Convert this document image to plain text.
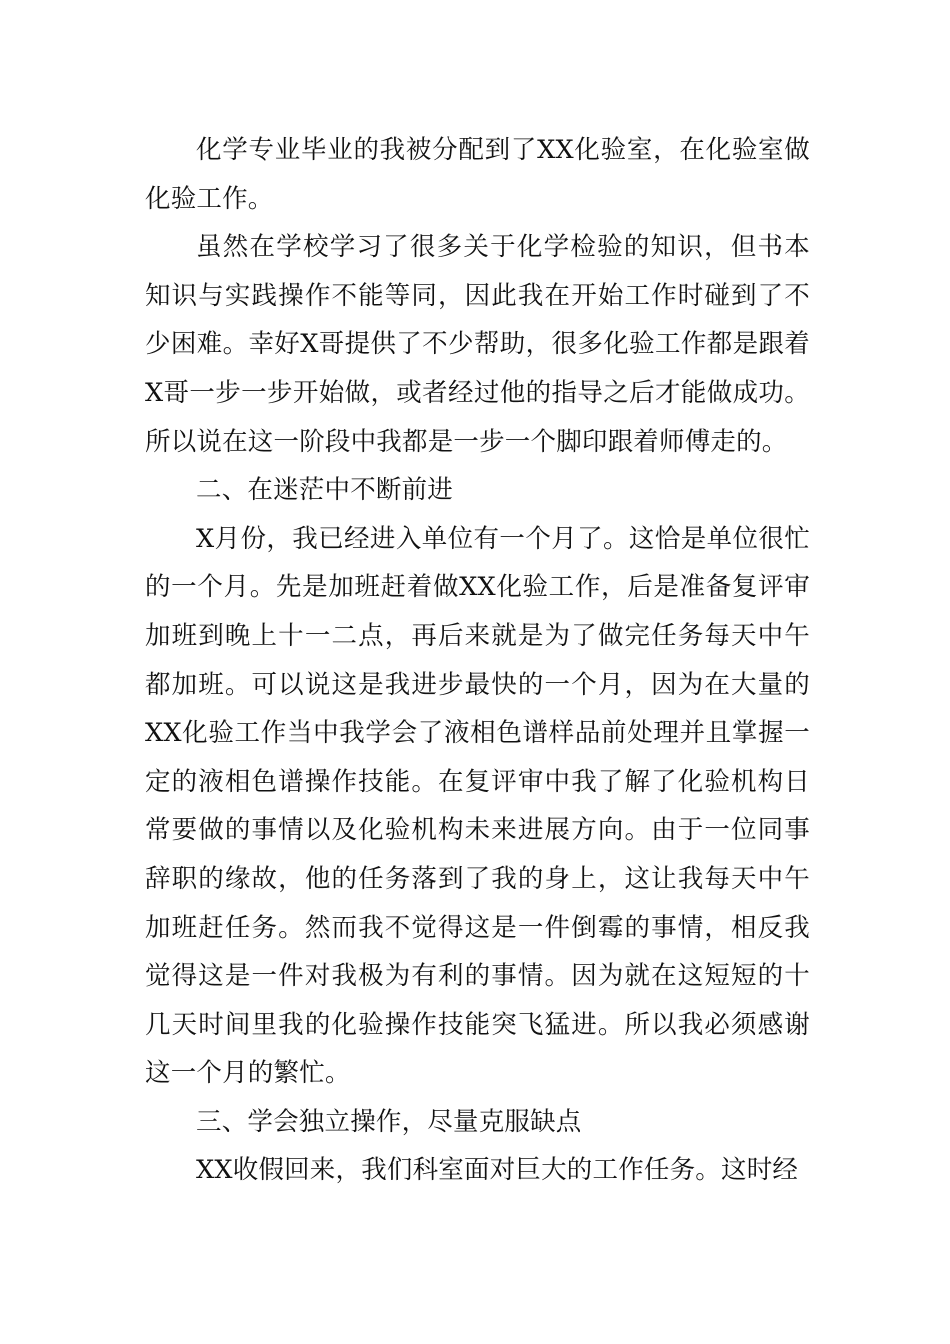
化学专业毕业的我被分配到了XX化验室，在化验室做
化验工作。
虽然在学校学习了很多关于化学检验的知识，但书本
知识与实践操作不能等同，因此我在开始工作时碰到了不
少困难。幸好X哥提供了不少帮助，很多化验工作都是跟着
X哥一步一步开始做，或者经过他的指导之后才能做成功。
所以说在这一阶段中我都是一步一个脚印跟着师傅走的。
二、在迷茫中不断前进
X月份，我已经进入单位有一个月了。这恰是单位很忙
的一个月。先是加班赶着做XX化验工作，后是准备复评审
加班到晚上十一二点，再后来就是为了做完任务每天中午
都加班。可以说这是我进步最快的一个月，因为在大量的
XX化验工作当中我学会了液相色谱样品前处理并且掌握一
定的液相色谱操作技能。在复评审中我了解了化验机构日
常要做的事情以及化验机构未来进展方向。由于一位同事
辞职的缘故，他的任务落到了我的身上，这让我每天中午
加班赶任务。然而我不觉得这是一件倒霉的事情，相反我
觉得这是一件对我极为有利的事情。因为就在这短短的十
几天时间里我的化验操作技能突飞猛进。所以我必须感谢
这一个月的繁忙。
三、学会独立操作，尽量克服缺点
XX收假回来，我们科室面对巨大的工作任务。这时经
